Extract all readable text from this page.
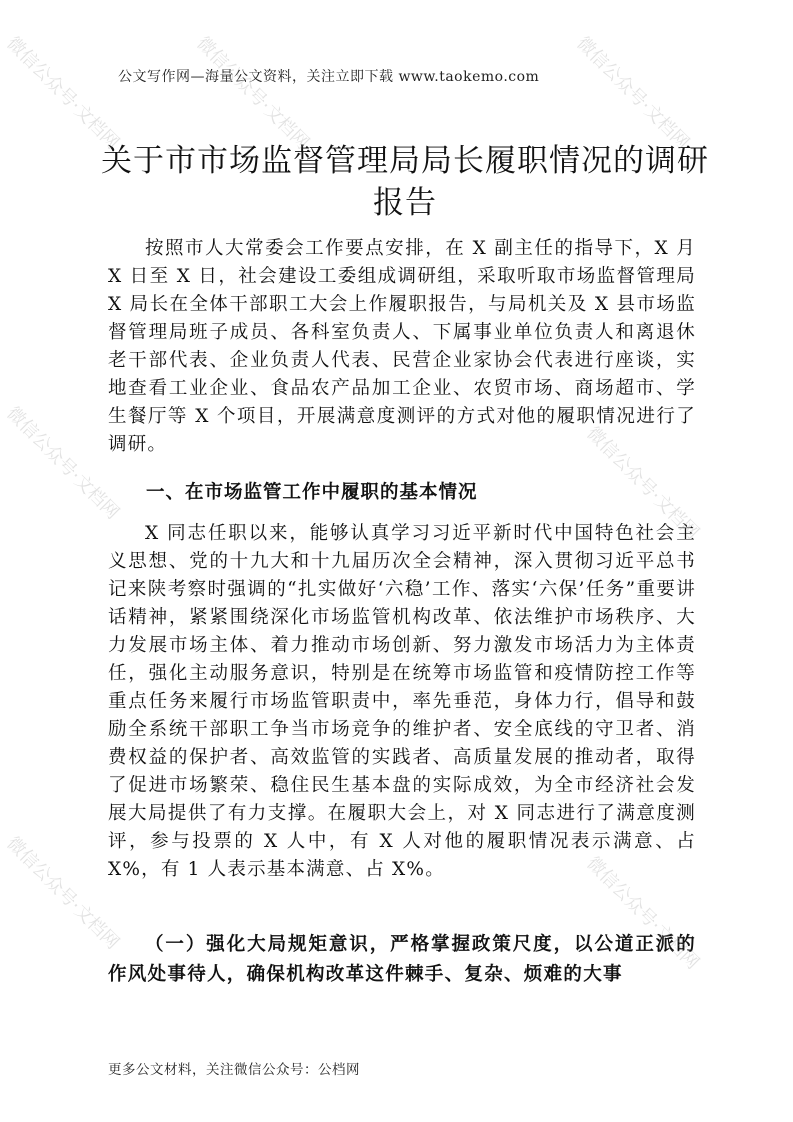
公文写作网—海量公文资料，关注立即下载 www.taokemo.com
关于市市场监督管理局局长履职情况的调研报告
按照市人大常委会工作要点安排，在 X 副主任的指导下，X 月 X 日至 X 日，社会建设工委组成调研组，采取听取市场监督管理局 X 局长在全体干部职工大会上作履职报告，与局机关及 X 县市场监督管理局班子成员、各科室负责人、下属事业单位负责人和离退休老干部代表、企业负责人代表、民营企业家协会代表进行座谈，实地查看工业企业、食品农产品加工企业、农贸市场、商场超市、学生餐厅等 X 个项目，开展满意度测评的方式对他的履职情况进行了调研。
一、在市场监管工作中履职的基本情况
X 同志任职以来，能够认真学习习近平新时代中国特色社会主义思想、党的十九大和十九届历次全会精神，深入贯彻习近平总书记来陕考察时强调的“扎实做好‘六稳’工作、落实‘六保’任务”重要讲话精神，紧紧围绕深化市场监管机构改革、依法维护市场秩序、大力发展市场主体、着力推动市场创新、努力激发市场活力为主体责任，强化主动服务意识，特别是在统筹市场监管和疫情防控工作等重点任务来履行市场监管职责中，率先垂范，身体力行，倡导和鼓励全系统干部职工争当市场竞争的维护者、安全底线的守卫者、消费权益的保护者、高效监管的实践者、高质量发展的推动者，取得了促进市场繁荣、稳住民生基本盘的实际成效，为全市经济社会发展大局提供了有力支撑。在履职大会上，对 X 同志进行了满意度测评，参与投票的 X 人中，有 X 人对他的履职情况表示满意、占 X%，有 1 人表示基本满意、占 X%。
（一）强化大局规矩意识，严格掌握政策尺度，以公道正派的作风处事待人，确保机构改革这件棘手、复杂、烦难的大事
更多公文材料，关注微信公众号：公档网
微信公众号·文档网	微信公众号·文档网	微信公众号·文档网
微信公众号·文档网	微信公众号·文档网
微信公众号·文档网	微信公众号·文档网
